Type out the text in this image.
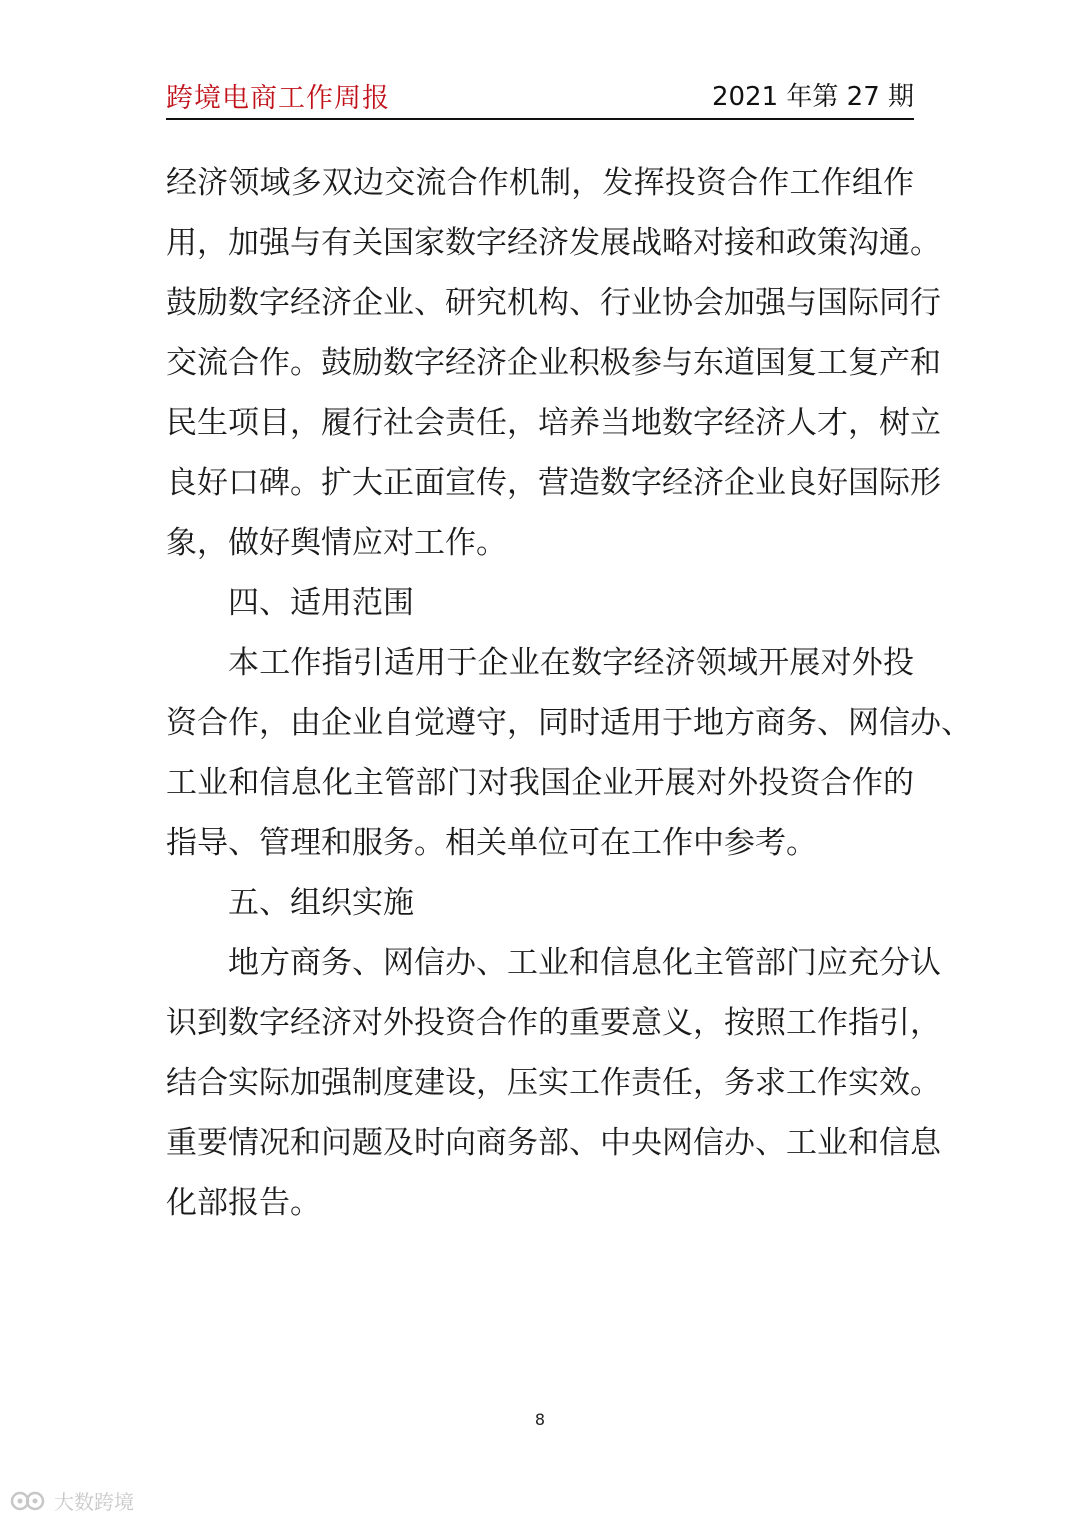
跨境电商工作周报	2021 年第 27 期
经济领域多双边交流合作机制，发挥投资合作工作组作
用，加强与有关国家数字经济发展战略对接和政策沟通。
鼓励数字经济企业、研究机构、行业协会加强与国际同行
交流合作。鼓励数字经济企业积极参与东道国复工复产和
民生项目，履行社会责任，培养当地数字经济人才，树立
良好口碑。扩大正面宣传，营造数字经济企业良好国际形
象，做好舆情应对工作。
四、适用范围
本工作指引适用于企业在数字经济领域开展对外投
资合作，由企业自觉遵守，同时适用于地方商务、网信办、
工业和信息化主管部门对我国企业开展对外投资合作的
指导、管理和服务。相关单位可在工作中参考。
五、组织实施
地方商务、网信办、工业和信息化主管部门应充分认
识到数字经济对外投资合作的重要意义，按照工作指引，
结合实际加强制度建设，压实工作责任，务求工作实效。
重要情况和问题及时向商务部、中央网信办、工业和信息
化部报告。
8
大数跨境
